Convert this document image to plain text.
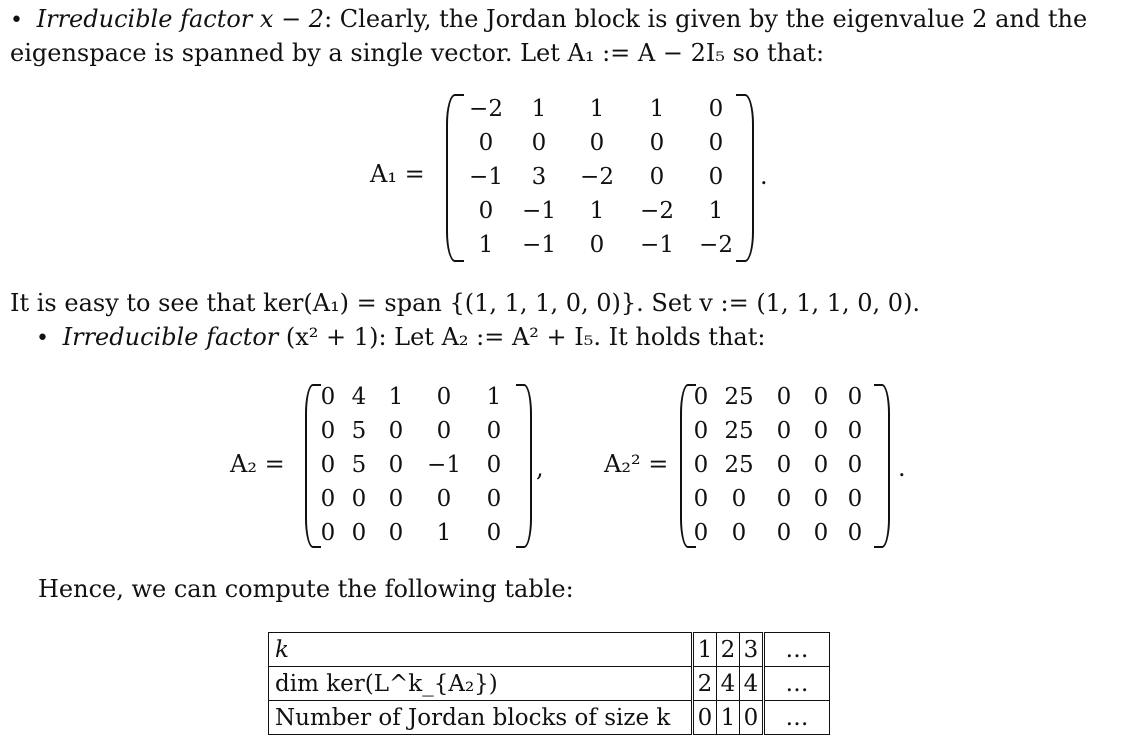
• Irreducible factor x − 2: Clearly, the Jordan block is given by the eigenvalue 2 and the
eigenspace is spanned by a single vector. Let A₁ := A − 2I₅ so that:
A₁ =
−2	1	1	1	0
0	0	0	0	0
−1	3	−2	0	0
0	−1	1	−2	1
1	−1	0	−1	−2
.
It is easy to see that ker(A₁) = span {(1, 1, 1, 0, 0)}. Set v := (1, 1, 1, 0, 0).
• Irreducible factor (x² + 1): Let A₂ := A² + I₅. It holds that:
A₂ =
0	4	1	0	1
0	5	0	0	0
0	5	0	−1	0
0	0	0	0	0
0	0	0	1	0
,	A₂² =
0	25	0	0	0
0	25	0	0	0
0	25	0	0	0
0	0	0	0	0
0	0	0	0	0
.
Hence, we can compute the following table:
k	1	2	3	…
dim ker(L^k_{A₂})	2	4	4	…
Number of Jordan blocks of size k	0	1	0	…
